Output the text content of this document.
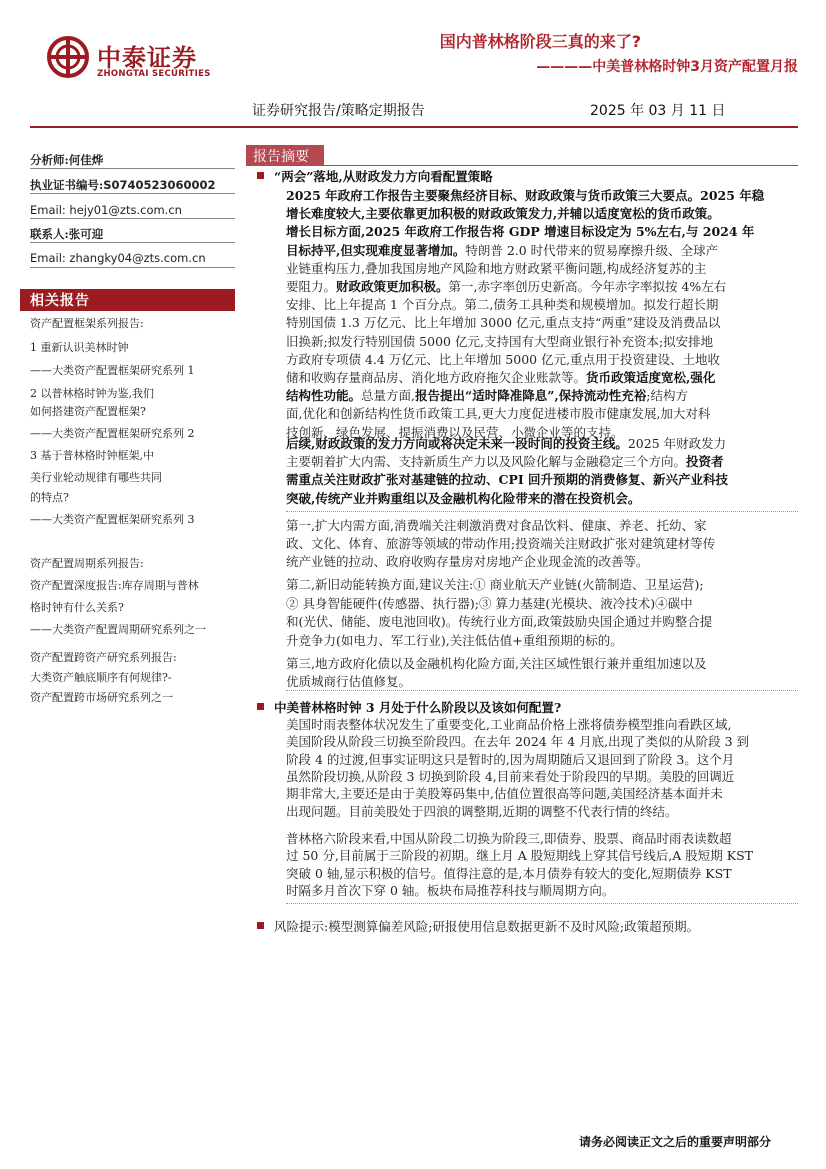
中泰证券
ZHONGTAI SECURITIES
国内普林格阶段三真的来了?
————中美普林格时钟3月资产配置月报
证券研究报告/策略定期报告	2025 年 03 月 11 日
分析师:何佳烨
执业证书编号:S0740523060002
Email: hejy01@zts.com.cn
联系人:张可迎
Email: zhangky04@zts.com.cn
相关报告
资产配置框架系列报告:
1 重新认识美林时钟
——大类资产配置框架研究系列 1
2 以普林格时钟为鉴,我们
如何搭建资产配置框架?
——大类资产配置框架研究系列 2
3 基于普林格时钟框架,中
美行业轮动规律有哪些共同
的特点?
——大类资产配置框架研究系列 3
资产配置周期系列报告:
资产配置深度报告:库存周期与普林
格时钟有什么关系?
——大类资产配置周期研究系列之一
资产配置跨资产研究系列报告:
大类资产触底顺序有何规律?-
资产配置跨市场研究系列之一
报告摘要
“两会”落地,从财政发力方向看配置策略
2025 年政府工作报告主要聚焦经济目标、财政政策与货币政策三大要点。2025 年稳
增长难度较大,主要依靠更加积极的财政政策发力,并辅以适度宽松的货币政策。
增长目标方面,2025 年政府工作报告将 GDP 增速目标设定为 5%左右,与 2024 年
目标持平,但实现难度显著增加。特朗普 2.0 时代带来的贸易摩擦升级、全球产
业链重构压力,叠加我国房地产风险和地方财政紧平衡问题,构成经济复苏的主
要阻力。财政政策更加积极。第一,赤字率创历史新高。今年赤字率拟按 4%左右
安排、比上年提高 1 个百分点。第二,债务工具种类和规模增加。拟发行超长期
特别国债 1.3 万亿元、比上年增加 3000 亿元,重点支持“两重”建设及消费品以
旧换新;拟发行特别国债 5000 亿元,支持国有大型商业银行补充资本;拟安排地
方政府专项债 4.4 万亿元、比上年增加 5000 亿元,重点用于投资建设、土地收
储和收购存量商品房、消化地方政府拖欠企业账款等。货币政策适度宽松,强化
结构性功能。总量方面,报告提出“适时降准降息”,保持流动性充裕;结构方
面,优化和创新结构性货币政策工具,更大力度促进楼市股市健康发展,加大对科
技创新、绿色发展、提振消费以及民营、小微企业等的支持。
后续,财政政策的发力方向或将决定未来一段时间的投资主线。2025 年财政发力
主要朝着扩大内需、支持新质生产力以及风险化解与金融稳定三个方向。投资者
需重点关注财政扩张对基建链的拉动、CPI 回升预期的消费修复、新兴产业科技
突破,传统产业并购重组以及金融机构化险带来的潜在投资机会。
第一,扩大内需方面,消费端关注刺激消费对食品饮料、健康、养老、托幼、家
政、文化、体育、旅游等领域的带动作用;投资端关注财政扩张对建筑建材等传
统产业链的拉动、政府收购存量房对房地产企业现金流的改善等。
第二,新旧动能转换方面,建议关注:① 商业航天产业链(火箭制造、卫星运营);
② 具身智能硬件(传感器、执行器);③ 算力基建(光模块、液冷技术)④碳中
和(光伏、储能、废电池回收)。传统行业方面,政策鼓励央国企通过并购整合提
升竞争力(如电力、军工行业),关注低估值+重组预期的标的。
第三,地方政府化债以及金融机构化险方面,关注区域性银行兼并重组加速以及
优质城商行估值修复。
中美普林格时钟 3 月处于什么阶段以及该如何配置?
美国时雨表整体状况发生了重要变化,工业商品价格上涨将债券模型推向看跌区域,
美国阶段从阶段三切换至阶段四。在去年 2024 年 4 月底,出现了类似的从阶段 3 到
阶段 4 的过渡,但事实证明这只是暂时的,因为周期随后又退回到了阶段 3。这个月
虽然阶段切换,从阶段 3 切换到阶段 4,目前来看处于阶段四的早期。美股的回调近
期非常大,主要还是由于美股筹码集中,估值位置很高等问题,美国经济基本面并未
出现问题。目前美股处于四浪的调整期,近期的调整不代表行情的终结。
普林格六阶段来看,中国从阶段二切换为阶段三,即债券、股票、商品时雨表读数超
过 50 分,目前属于三阶段的初期。继上月 A 股短期线上穿其信号线后,A 股短期 KST
突破 0 轴,显示积极的信号。值得注意的是,本月债券有较大的变化,短期债券 KST
时隔多月首次下穿 0 轴。板块布局推荐科技与顺周期方向。
风险提示:模型测算偏差风险;研报使用信息数据更新不及时风险;政策超预期。
请务必阅读正文之后的重要声明部分
